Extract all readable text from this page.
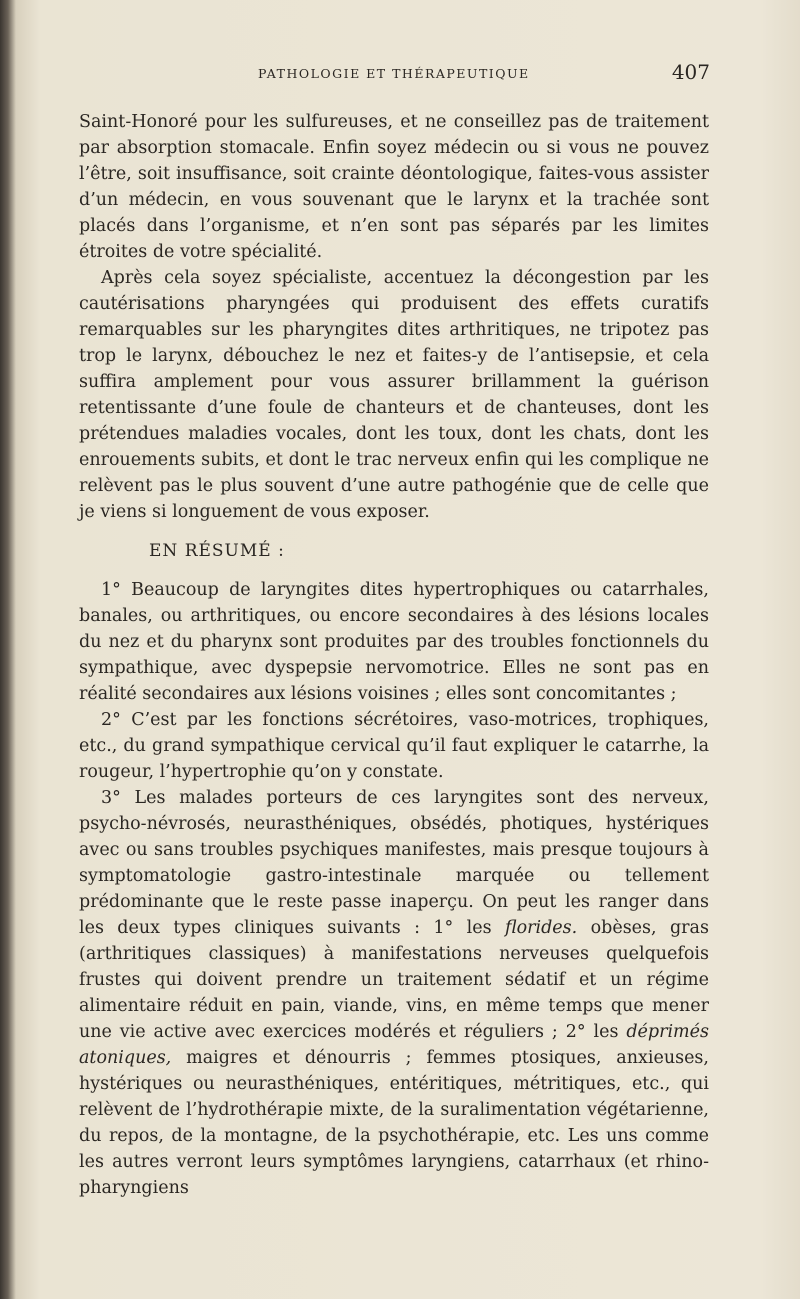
PATHOLOGIE ET THÉRAPEUTIQUE	407

Saint-Honoré pour les sulfureuses, et ne conseillez pas de traitement par absorption stomacale. Enfin soyez médecin ou si vous ne pouvez l’être, soit insuffisance, soit crainte déontologique, faites-vous assister d’un médecin, en vous souvenant que le larynx et la trachée sont placés dans l’organisme, et n’en sont pas séparés par les limites étroites de votre spécialité.

Après cela soyez spécialiste, accentuez la décongestion par les cautérisations pharyngées qui produisent des effets curatifs remarquables sur les pharyngites dites arthritiques, ne tripotez pas trop le larynx, débouchez le nez et faites-y de l’antisepsie, et cela suffira amplement pour vous assurer brillamment la guérison retentissante d’une foule de chanteurs et de chanteuses, dont les prétendues maladies vocales, dont les toux, dont les chats, dont les enrouements subits, et dont le trac nerveux enfin qui les complique ne relèvent pas le plus souvent d’une autre pathogénie que de celle que je viens si longuement de vous exposer.

EN RÉSUMÉ :

1° Beaucoup de laryngites dites hypertrophiques ou catarrhales, banales, ou arthritiques, ou encore secondaires à des lésions locales du nez et du pharynx sont produites par des troubles fonctionnels du sympathique, avec dyspepsie nervomotrice. Elles ne sont pas en réalité secondaires aux lésions voisines ; elles sont concomitantes ;

2° C’est par les fonctions sécrétoires, vaso-motrices, trophiques, etc., du grand sympathique cervical qu’il faut expliquer le catarrhe, la rougeur, l’hypertrophie qu’on y constate.

3° Les malades porteurs de ces laryngites sont des nerveux, psycho-névrosés, neurasthéniques, obsédés, photiques, hystériques avec ou sans troubles psychiques manifestes, mais presque toujours à symptomatologie gastro-intestinale marquée ou tellement prédominante que le reste passe inaperçu. On peut les ranger dans les deux types cliniques suivants : 1° les florides. obèses, gras (arthritiques classiques) à manifestations nerveuses quelquefois frustes qui doivent prendre un traitement sédatif et un régime alimentaire réduit en pain, viande, vins, en même temps que mener une vie active avec exercices modérés et réguliers ; 2° les déprimés atoniques, maigres et dénourris ; femmes ptosiques, anxieuses, hystériques ou neurasthéniques, entéritiques, métritiques, etc., qui relèvent de l’hydrothérapie mixte, de la suralimentation végétarienne, du repos, de la montagne, de la psychothérapie, etc. Les uns comme les autres verront leurs symptômes laryngiens, catarrhaux (et rhino-pharyngiens
